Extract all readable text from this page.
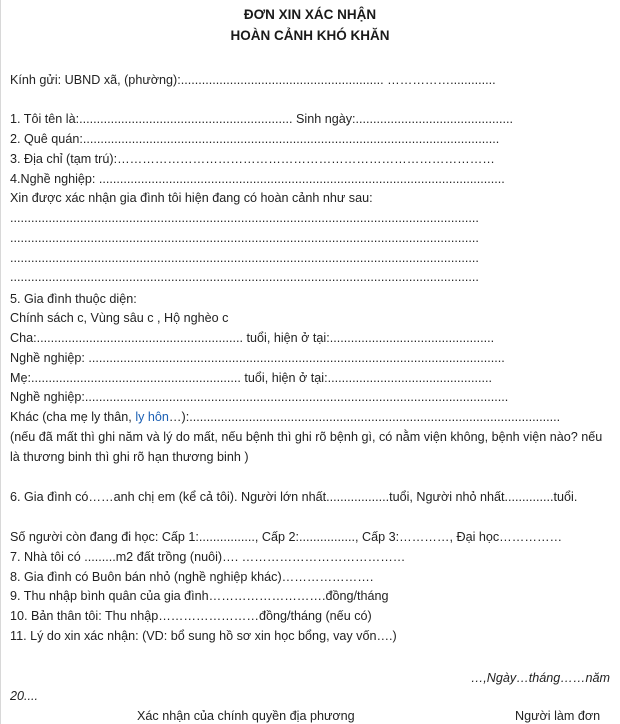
ĐƠN XIN XÁC NHẬN
HOÀN CẢNH KHÓ KHĂN
Kính gửi: UBND xã, (phường):.......................................................... …………….............
1. Tôi tên là:............................................................. Sinh ngày:.............................................
2. Quê quán:.......................................................................................................................
3. Địa chỉ (tạm trú):………………………………………………………………………………
4.Nghề nghiệp: ....................................................................................................................
Xin được xác nhận gia đình tôi hiện đang có hoàn cảnh như sau:
......................................................................................................................................
......................................................................................................................................
......................................................................................................................................
......................................................................................................................................
5. Gia đình thuộc diện:
Chính sách c, Vùng sâu c , Hộ nghèo c
Cha:........................................................... tuổi, hiện ở tại:...............................................
Nghề nghiệp: .......................................................................................................................
Mẹ:............................................................ tuổi, hiện ở tại:...............................................
Nghề nghiệp:.........................................................................................................................
Khác (cha mẹ ly thân, ly hôn…):..........................................................................................................
(nếu đã mất thì ghi năm và lý do mất, nếu bệnh thì ghi rõ bệnh gì, có nằm viện không, bệnh viện nào? nếu là thương binh thì ghi rõ hạn thương binh )
6. Gia đình có……anh chị em (kể cả tôi). Người lớn nhất..................tuổi, Người nhỏ nhất..............tuổi.
Số người còn đang đi học: Cấp 1:................, Cấp 2:................, Cấp 3:…………, Đại học……………
7. Nhà tôi có .........m2 đất trồng (nuôi)…. …………………………………
8. Gia đình có Buôn bán nhỏ (nghề nghiệp khác)………………….
9. Thu nhập bình quân của gia đình……………………….đồng/tháng
10. Bản thân tôi: Thu nhập……………………đồng/tháng (nếu có)
11. Lý do xin xác nhận: (VD: bổ sung hồ sơ xin học bổng, vay vốn….)
…,Ngày…tháng……năm
20....
Xác nhận của chính quyền địa phương	Người làm đơn
